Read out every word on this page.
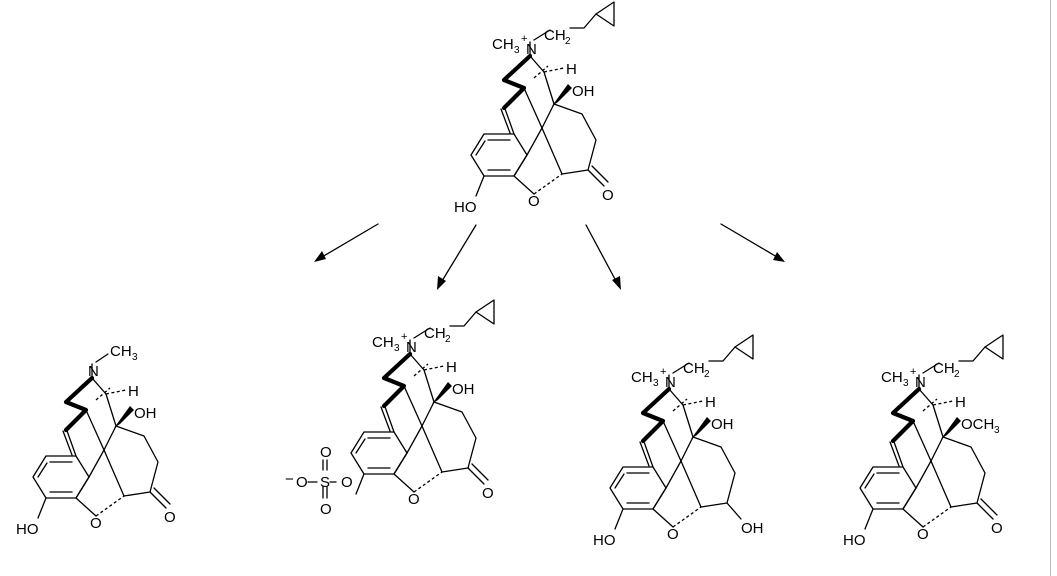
CH 3
+
N
CH 2
H
OH
HO	O	O
CH 3
N
H
OH
HO	O	O
CH 3
+
N
CH 2
H
OH
O	O
O
S
O
−
O
O
CH 3
+
N
CH 2
H
OH
HO	O	OH
CH 3
+
N
CH 2
H
OCH 3
HO	O	O
